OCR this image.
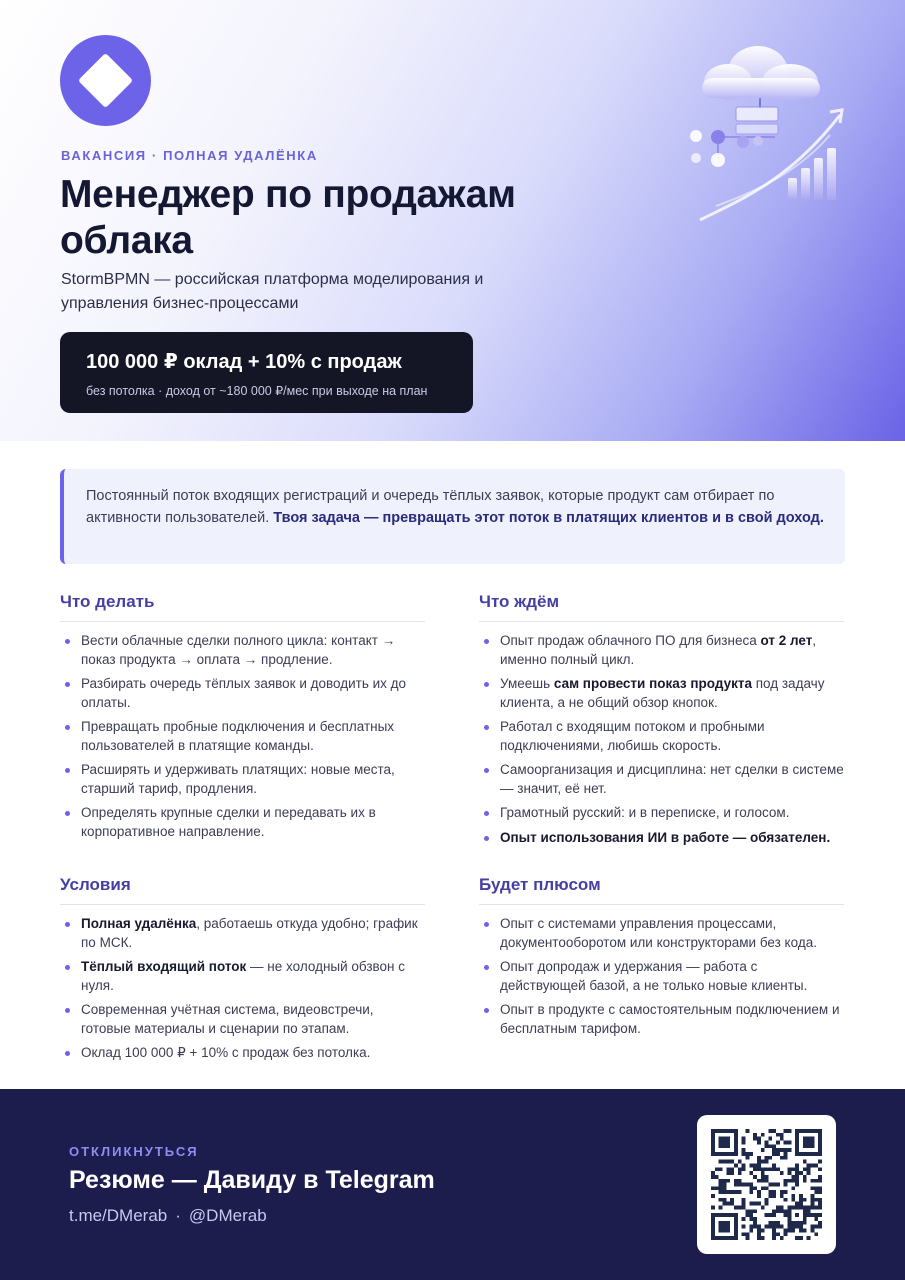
ВАКАНСИЯ · ПОЛНАЯ УДАЛЁНКА
Менеджер по продажам облака

StormBPMN — российская платформа моделирования и управления бизнес-процессами

100 000 ₽ оклад + 10% с продаж
без потолка · доход от ~180 000 ₽/мес при выходе на план
Постоянный поток входящих регистраций и очередь тёплых заявок, которые продукт сам отбирает по активности пользователей. Твоя задача — превращать этот поток в платящих клиентов и в свой доход.
Что делать
Вести облачные сделки полного цикла: контакт → показ продукта → оплата → продление.
Разбирать очередь тёплых заявок и доводить их до оплаты.
Превращать пробные подключения и бесплатных пользователей в платящие команды.
Расширять и удерживать платящих: новые места, старший тариф, продления.
Определять крупные сделки и передавать их в корпоративное направление.
Что ждём
Опыт продаж облачного ПО для бизнеса от 2 лет, именно полный цикл.
Умеешь сам провести показ продукта под задачу клиента, а не общий обзор кнопок.
Работал с входящим потоком и пробными подключениями, любишь скорость.
Самоорганизация и дисциплина: нет сделки в системе — значит, её нет.
Грамотный русский: и в переписке, и голосом.
Опыт использования ИИ в работе — обязателен.
Условия
Полная удалёнка, работаешь откуда удобно; график по МСК.
Тёплый входящий поток — не холодный обзвон с нуля.
Современная учётная система, видеовстречи, готовые материалы и сценарии по этапам.
Оклад 100 000 ₽ + 10% с продаж без потолка.
Будет плюсом
Опыт с системами управления процессами, документооборотом или конструкторами без кода.
Опыт допродаж и удержания — работа с действующей базой, а не только новые клиенты.
Опыт в продукте с самостоятельным подключением и бесплатным тарифом.
ОТКЛИКНУТЬСЯ
Резюме — Давиду в Telegram
t.me/DMerab · @DMerab
